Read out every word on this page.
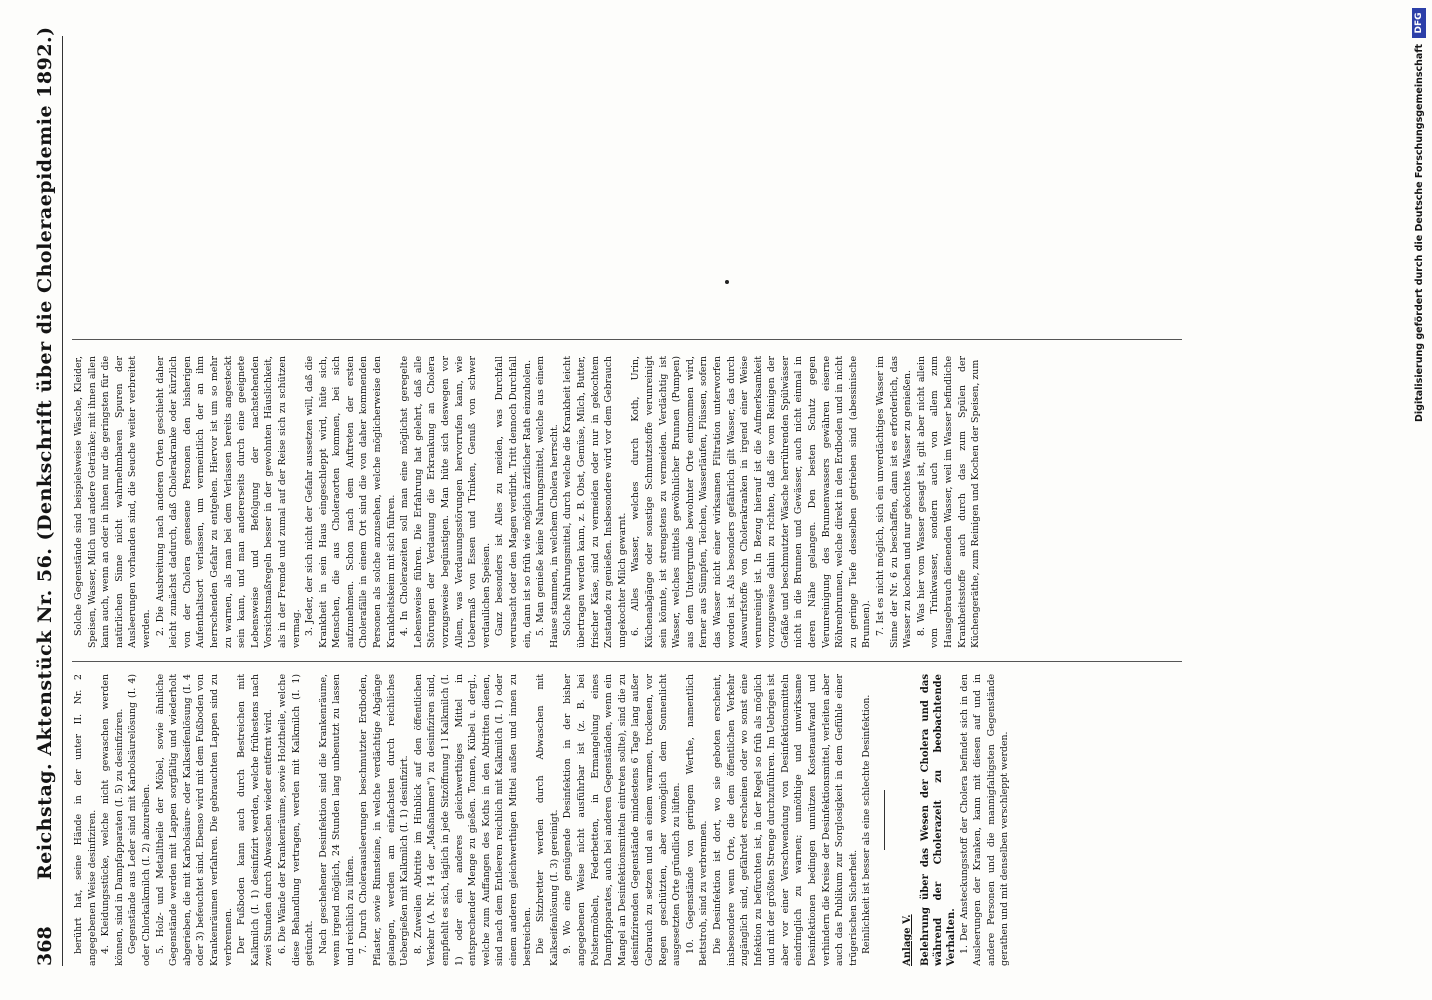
368
Reichstag. Aktenstück Nr. 56. (Denkschrift über die Choleraepidemie 1892.) berührt hat, seine Hände in der unter II. Nr. 2 angegebenen Weise desinfiziren. 4. Kleidungsstücke, welche nicht gewaschen werden können, sind in Dampfapparaten (I. 5) zu desinfiziren. Gegenstände aus Leder sind mit Karbolsäurelösung (I. 4) oder Chlorkalkmilch (I. 2) abzureiben. 5. Holz- und Metalltheile der Möbel, sowie ähnliche Gegenstände werden mit Lappen sorgfältig und wiederholt abgerieben, die mit Karbolsäure- oder Kalkseifenlösung (I. 4 oder 3) befeuchtet sind. Ebenso wird mit dem Fußboden von Krankenräumen verfahren. Die gebrauchten Lappen sind zu verbrennen. Der Fußboden kann auch durch Bestreichen mit Kalkmilch (I. 1) desinfizirt werden, welche frühestens nach zwei Stunden durch Abwaschen wieder entfernt wird. 6. Die Wände der Krankenräume, sowie Holztheile, welche diese Behandlung vertragen, werden mit Kalkmilch (I. 1) getüncht. Nach geschehener Desinfektion sind die Krankenräume, wenn irgend möglich, 24 Stunden lang unbenutzt zu lassen und reichlich zu lüften. 7. Durch Choleraausleerungen beschmutzter Erdboden, Pflaster, sowie Rinnsteine, in welche verdächtige Abgänge gelangen, werden am einfachsten durch reichliches Uebergießen mit Kalkmilch (I. 1) desinfizirt. 8. Zuweilen Abtritte im Hinblick auf den öffentlichen Verkehr (A. Nr. 14 der „Maßnahmen“) zu desinfiziren sind, empfiehlt es sich, täglich in jede Sitzöffnung 1 l Kalkmilch (I. 1) oder ein anderes gleichwerthiges Mittel in entsprechender Menge zu gießen. Tonnen, Kübel u. dergl., welche zum Auffangen des Koths in den Abtritten dienen, sind nach dem Entleeren reichlich mit Kalkmilch (I. 1) oder einem anderen gleichwerthigen Mittel außen und innen zu bestreichen. Die Sitzbretter werden durch Abwaschen mit Kalkseifenlösung (I. 3) gereinigt. 9. Wo eine genügende Desinfektion in der bisher angegebenen Weise nicht ausführbar ist (z. B. bei Polstermöbeln, Federbetten, in Ermangelung eines Dampfapparates, auch bei anderen Gegenständen, wenn ein Mangel an Desinfektionsmitteln eintreten sollte), sind die zu desinfizirenden Gegenstände mindestens 6 Tage lang außer Gebrauch zu setzen und an einem warmen, trockenen, vor Regen geschützten, aber womöglich dem Sonnenlicht ausgesetzten Orte gründlich zu lüften. 10. Gegenstände von geringem Werthe, namentlich Bettstroh, sind zu verbrennen. Die Desinfektion ist dort, wo sie geboten erscheint, insbesondere wenn Orte, die dem öffentlichen Verkehr zugänglich sind, gefährdet erscheinen oder wo sonst eine Infektion zu befürchten ist, in der Regel so früh als möglich und mit der größten Strenge durchzuführen. Im Uebrigen ist aber vor einer Verschwendung von Desinfektionsmitteln eindringlich zu warnen; unnöthige und unwirksame Desinfektionen bedingen unnützen Kostenaufwand und verhindern die Kreise der Desinfektionsmittel, verleiten aber auch das Publikum zur Sorglosigkeit in dem Gefühle einer trügerischen Sicherheit. Reinlichkeit ist besser als eine schlechte Desinfektion.	Anlage V. Belehrung über das Wesen der Cholera und das während der Cholerazeit zu beobachtende Verhalten. 1. Der Ansteckungsstoff der Cholera befindet sich in den Ausleerungen der Kranken, kann mit diesen auf und in andere Personen und die mannigfaltigsten Gegenstände gerathen und mit denselben verschleppt werden.

Solche Gegenstände sind beispielsweise Wäsche, Kleider, Speisen, Wasser, Milch und andere Getränke; mit ihnen allen kann auch, wenn an oder in ihnen nur die geringsten für die natürlichen Sinne nicht wahrnehmbaren Spuren der Ausleerungen vorhanden sind, die Seuche weiter verbreitet werden. 2. Die Ausbreitung nach anderen Orten geschieht daher leicht zunächst dadurch, daß Cholerakranke oder kürzlich von der Cholera genesene Personen den bisherigen Aufenthaltsort verlassen, um vermeintlich der an ihm herrschenden Gefahr zu entgehen. Hiervor ist um so mehr zu warnen, als man bei dem Verlassen bereits angesteckt sein kann, und man andererseits durch eine geeignete Lebensweise und Befolgung der nachstehenden Vorsichtsmaßregeln besser in der gewohnten Häuslichkeit, als in der Fremde und zumal auf der Reise sich zu schützen vermag. 3. Jeder, der sich nicht der Gefahr aussetzen will, daß die Krankheit in sein Haus eingeschleppt wird, hüte sich, Menschen, die aus Choleraorten kommen, bei sich aufzunehmen. Schon nach dem Auftreten der ersten Cholerafälle in einem Ort sind die von daher kommenden Personen als solche anzusehen, welche möglicherweise den Krankheitskeim mit sich führen. 4. In Cholerazeiten soll man eine möglichst geregelte Lebensweise führen. Die Erfahrung hat gelehrt, daß alle Störungen der Verdauung die Erkrankung an Cholera vorzugsweise begünstigen. Man hüte sich deswegen vor Allem, was Verdauungsstörungen hervorrufen kann, wie Uebermaß von Essen und Trinken, Genuß von schwer verdaulichen Speisen. Ganz besonders ist Alles zu meiden, was Durchfall verursacht oder den Magen verdirbt. Tritt dennoch Durchfall ein, dann ist so früh wie möglich ärztlicher Rath einzuholen. 5. Man genieße keine Nahrungsmittel, welche aus einem Hause stammen, in welchem Cholera herrscht. Solche Nahrungsmittel, durch welche die Krankheit leicht übertragen werden kann, z. B. Obst, Gemüse, Milch, Butter, frischer Käse, sind zu vermeiden oder nur in gekochtem Zustande zu genießen. Insbesondere wird vor dem Gebrauch ungekochter Milch gewarnt. 6. Alles Wasser, welches durch Koth, Urin, Küchenabgänge oder sonstige Schmutzstoffe verunreinigt sein könnte, ist strengstens zu vermeiden. Verdächtig ist Wasser, welches mittels gewöhnlicher Brunnen (Pumpen) aus dem Untergrunde bewohnter Orte entnommen wird, ferner aus Sümpfen, Teichen, Wasserläufen, Flüssen, sofern das Wasser nicht einer wirksamen Filtration unterworfen worden ist. Als besonders gefährlich gilt Wasser, das durch Auswurfstoffe von Cholerakranken in irgend einer Weise verunreinigt ist. In Bezug hierauf ist die Aufmerksamkeit vorzugsweise dahin zu richten, daß die vom Reinigen der Gefäße und beschmutzter Wäsche herrührenden Spülwässer nicht in die Brunnen und Gewässer, auch nicht einmal in deren Nähe gelangen. Den besten Schutz gegen Verunreinigung des Brunnenwassers gewähren eiserne Röhrenbrunnen, welche direkt in den Erdboden und in nicht zu geringe Tiefe desselben getrieben sind (abessinische Brunnen). 7. Ist es nicht möglich, sich ein unverdächtiges Wasser im Sinne der Nr. 6 zu beschaffen, dann ist es erforderlich, das Wasser zu kochen und nur gekochtes Wasser zu genießen. 8. Was hier vom Wasser gesagt ist, gilt aber nicht allein vom Trinkwasser, sondern auch von allem zum Hausgebrauch dienenden Wasser, weil im Wasser befindliche Krankheitsstoffe auch durch das zum Spülen der Küchengeräthe, zum Reinigen und Kochen der Speisen, zum

Digitalisierung gefördert durch die Deutsche Forschungsgemeinschaft
DFG
